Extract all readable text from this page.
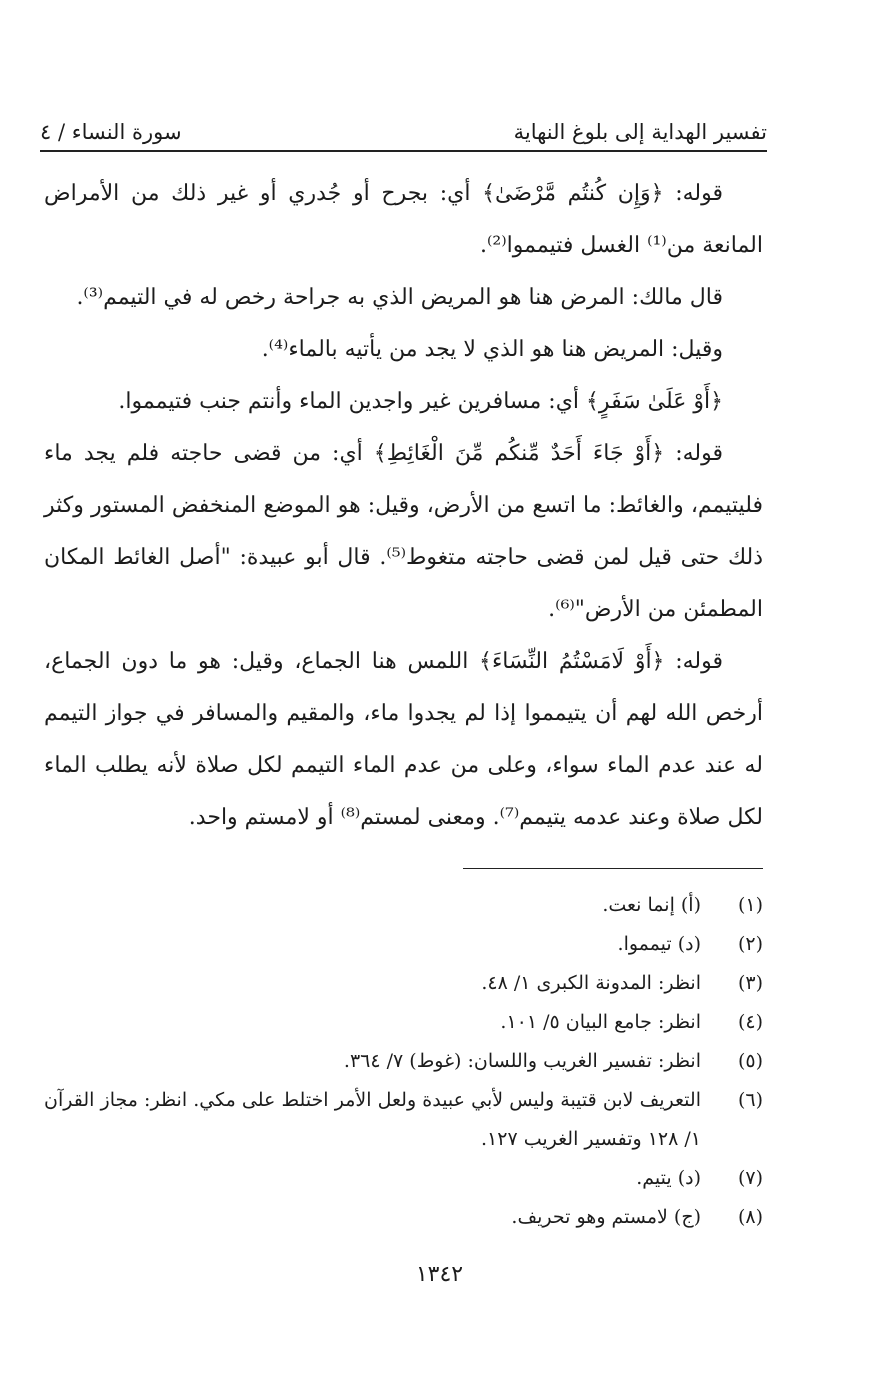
تفسير الهداية إلى بلوغ النهاية
سورة النساء / ٤

قوله: ﴿وَإِن كُنتُم مَّرْضَىٰ﴾ أي: بجرح أو جُدري أو غير ذلك من الأمراض المانعة من⁽¹⁾ الغسل فتيمموا⁽²⁾.

قال مالك: المرض هنا هو المريض الذي به جراحة رخص له في التيمم⁽³⁾.

وقيل: المريض هنا هو الذي لا يجد من يأتيه بالماء⁽⁴⁾.

﴿أَوْ عَلَىٰ سَفَرٍ﴾ أي: مسافرين غير واجدين الماء وأنتم جنب فتيمموا.

قوله: ﴿أَوْ جَاءَ أَحَدٌ مِّنكُم مِّنَ الْغَائِطِ﴾ أي: من قضى حاجته فلم يجد ماء فليتيمم، والغائط: ما اتسع من الأرض، وقيل: هو الموضع المنخفض المستور وكثر ذلك حتى قيل لمن قضى حاجته متغوط⁽⁵⁾. قال أبو عبيدة: "أصل الغائط المكان المطمئن من الأرض"⁽⁶⁾.

قوله: ﴿أَوْ لَامَسْتُمُ النِّسَاءَ﴾ اللمس هنا الجماع، وقيل: هو ما دون الجماع، أرخص الله لهم أن يتيمموا إذا لم يجدوا ماء، والمقيم والمسافر في جواز التيمم له عند عدم الماء سواء، وعلى من عدم الماء التيمم لكل صلاة لأنه يطلب الماء لكل صلاة وعند عدمه يتيمم⁽⁷⁾. ومعنى لمستم⁽⁸⁾ أو لامستم واحد.

(١)
(أ) إنما نعت.
(٢)
(د) تيمموا.
(٣)
انظر: المدونة الكبرى ١/ ٤٨.
(٤)
انظر: جامع البيان ٥/ ١٠١.
(٥)
انظر: تفسير الغريب واللسان: (غوط) ٧/ ٣٦٤.
(٦)
التعريف لابن قتيبة وليس لأبي عبيدة ولعل الأمر اختلط على مكي. انظر: مجاز القرآن ١/ ١٢٨ وتفسير الغريب ١٢٧.
(٧)
(د) يتيم.
(٨)
(ج) لامستم وهو تحريف.
١٣٤٢
